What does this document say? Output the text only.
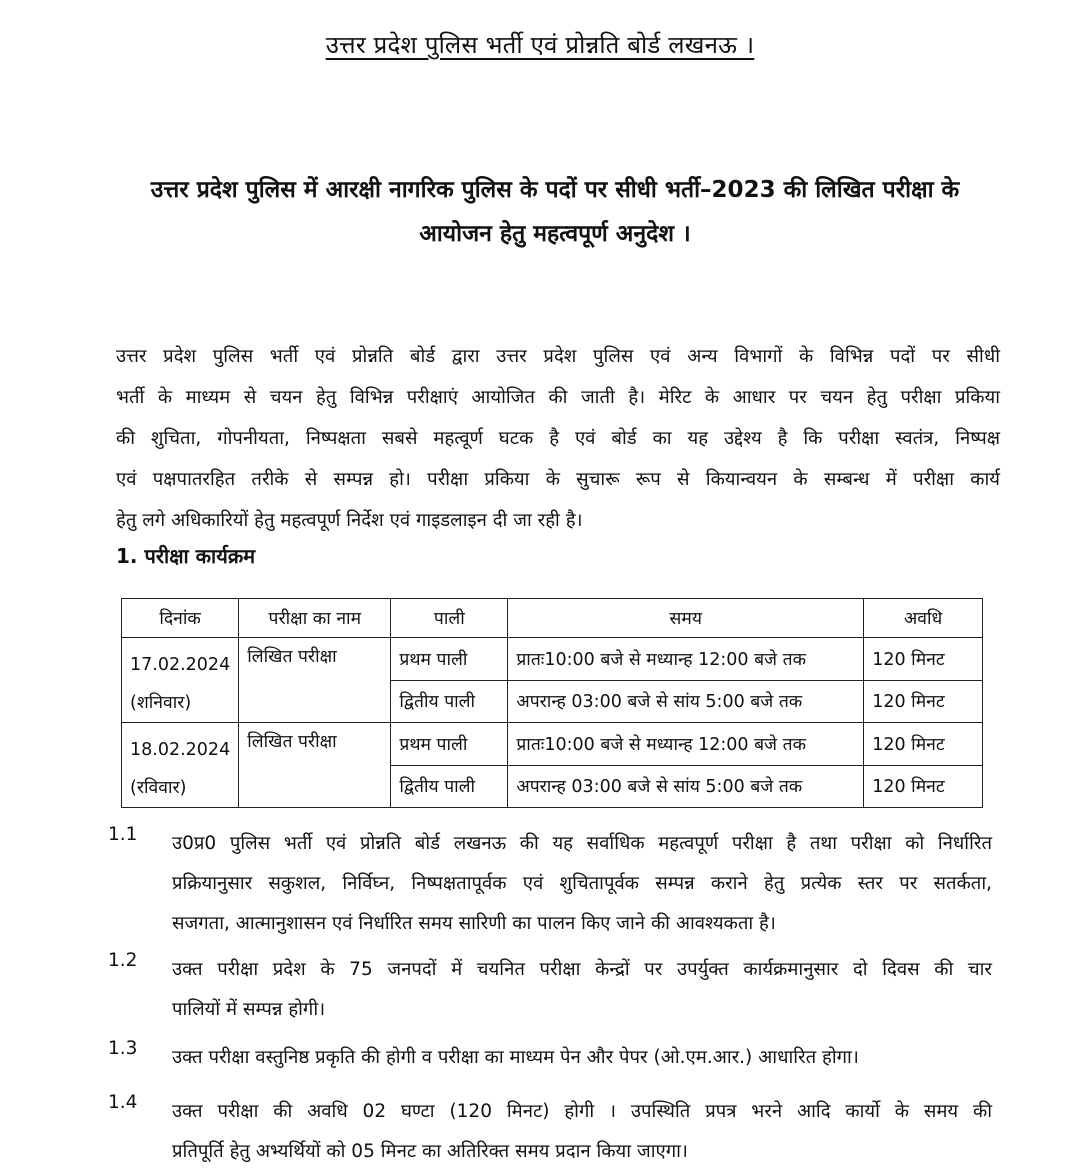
उत्तर प्रदेश पुलिस भर्ती एवं प्रोन्नति बोर्ड लखनऊ ।
उत्तर प्रदेश पुलिस में आरक्षी नागरिक पुलिस के पदों पर सीधी भर्ती–2023 की लिखित परीक्षा के
आयोजन हेतु महत्वपूर्ण अनुदेश ।
उत्तर प्रदेश पुलिस भर्ती एवं प्रोन्नति बोर्ड द्वारा उत्तर प्रदेश पुलिस एवं अन्य विभागों के विभिन्न पदों पर सीधी
भर्ती के माध्यम से चयन हेतु विभिन्न परीक्षाएं आयोजित की जाती है। मेरिट के आधार पर चयन हेतु परीक्षा प्रकिया
की शुचिता, गोपनीयता, निष्पक्षता सबसे महत्वूर्ण घटक है एवं बोर्ड का यह उद्देश्य है कि परीक्षा स्वतंत्र, निष्पक्ष
एवं पक्षपातरहित तरीके से सम्पन्न हो। परीक्षा प्रकिया के सुचारू रूप से कियान्वयन के सम्बन्ध में परीक्षा कार्य
हेतु लगे अधिकारियों हेतु महत्वपूर्ण निर्देश एवं गाइडलाइन दी जा रही है।
1. परीक्षा कार्यक्रम
दिनांक	परीक्षा का नाम	पाली	समय	अवधि

17.02.2024
(शनिवार)	लिखित परीक्षा	प्रथम पाली	प्रातः10:00 बजे से मध्यान्ह 12:00 बजे तक	120 मिनट
		द्वितीय पाली	अपरान्ह 03:00 बजे से सांय 5:00 बजे तक	120 मिनट

18.02.2024
(रविवार)	लिखित परीक्षा	प्रथम पाली	प्रातः10:00 बजे से मध्यान्ह 12:00 बजे तक	120 मिनट
		द्वितीय पाली	अपरान्ह 03:00 बजे से सांय 5:00 बजे तक	120 मिनट
1.1	उ0प्र0 पुलिस भर्ती एवं प्रोन्नति बोर्ड लखनऊ की यह सर्वाधिक महत्वपूर्ण परीक्षा है तथा परीक्षा को निर्धारित
प्रक्रियानुसार सकुशल, निर्विघ्न, निष्पक्षतापूर्वक एवं शुचितापूर्वक सम्पन्न कराने हेतु प्रत्येक स्तर पर सतर्कता,
सजगता, आत्मानुशासन एवं निर्धारित समय सारिणी का पालन किए जाने की आवश्यकता है।
1.2	उक्त परीक्षा प्रदेश के 75 जनपदों में चयनित परीक्षा केन्द्रों पर उपर्युक्त कार्यक्रमानुसार दो दिवस की चार
पालियों में सम्पन्न होगी।
1.3	उक्त परीक्षा वस्तुनिष्ठ प्रकृति की होगी व परीक्षा का माध्यम पेन और पेपर (ओ.एम.आर.) आधारित होगा।
1.4	उक्त परीक्षा की अवधि 02 घण्टा (120 मिनट) होगी । उपस्थिति प्रपत्र भरने आदि कार्यो के समय की
प्रतिपूर्ति हेतु अभ्यर्थियों को 05 मिनट का अतिरिक्त समय प्रदान किया जाएगा।
